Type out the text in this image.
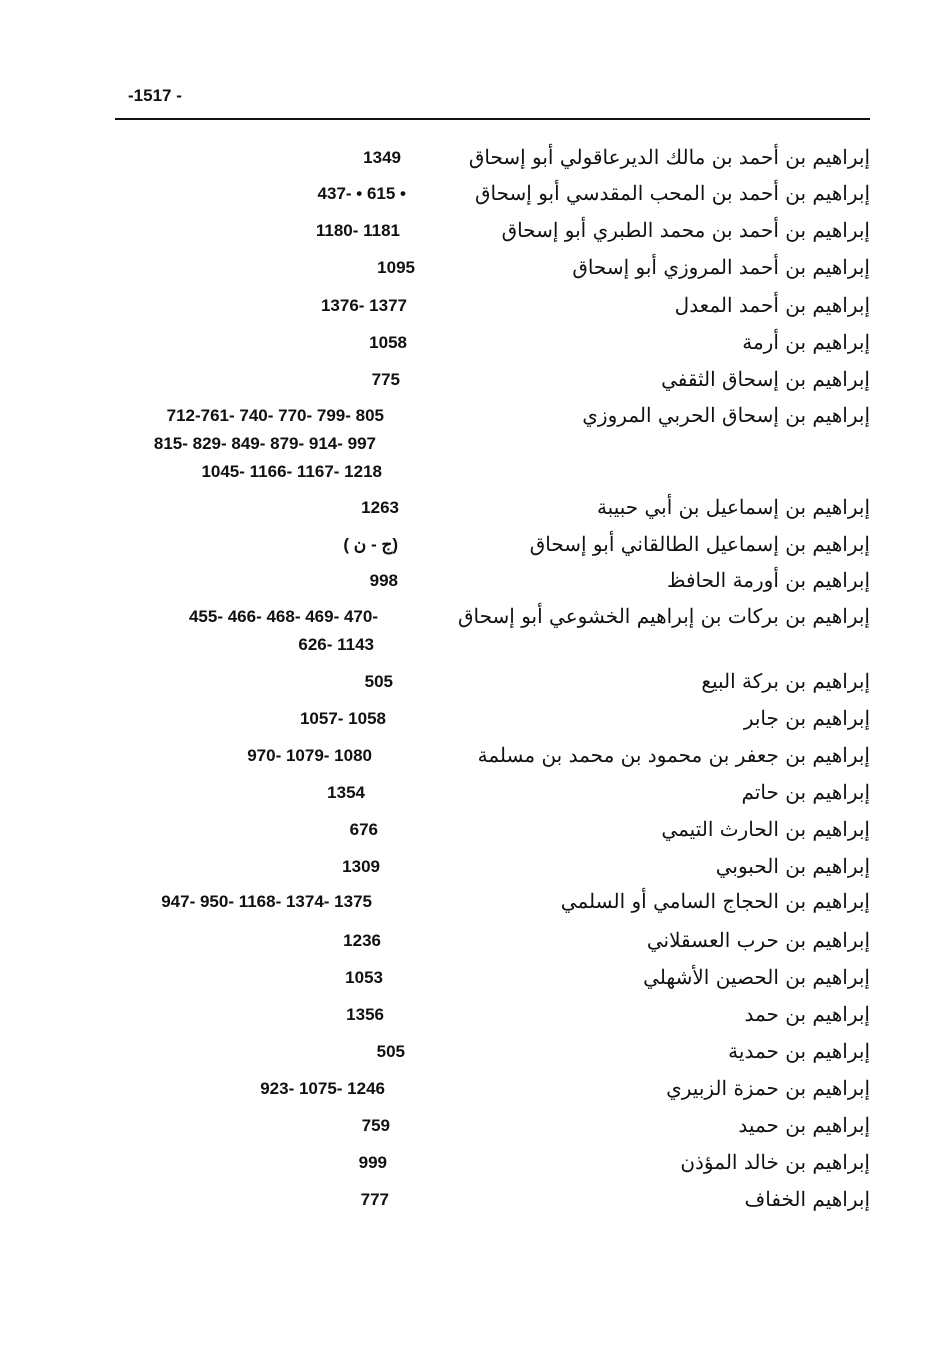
-1517 -
إبراهيم بن أحمد بن مالك الديرعاقولي أبو إسحاق
1349
إبراهيم بن أحمد بن المحب المقدسي أبو إسحاق
437- • 615 •
إبراهيم بن أحمد بن محمد الطبري أبو إسحاق
1180- 1181
إبراهيم بن أحمد المروزي أبو إسحاق
1095
إبراهيم بن أحمد المعدل
1376- 1377
إبراهيم بن أرمة
1058
إبراهيم بن إسحاق الثقفي
775
إبراهيم بن إسحاق الحربي المروزي
712-761- 740- 770- 799- 805
815- 829- 849- 879- 914- 997
1045- 1166- 1167- 1218
إبراهيم بن إسماعيل بن أبي حبيبة
1263
إبراهيم بن إسماعيل الطالقاني أبو إسحاق
( ج - ن)
إبراهيم بن أورمة الحافظ
998
إبراهيم بن بركات بن إبراهيم الخشوعي أبو إسحاق
455- 466- 468- 469- 470-
626- 1143
إبراهيم بن بركة البيع
505
إبراهيم بن جابر
1057- 1058
إبراهيم بن جعفر بن محمود بن محمد بن مسلمة
970- 1079- 1080
إبراهيم بن حاتم
1354
إبراهيم بن الحارث التيمي
676
إبراهيم بن الحبوبي
1309
إبراهيم بن الحجاج السامي أو السلمي
947- 950- 1168- 1374- 1375
إبراهيم بن حرب العسقلاني
1236
إبراهيم بن الحصين الأشهلي
1053
إبراهيم بن حمد
1356
إبراهيم بن حمدية
505
إبراهيم بن حمزة الزبيري
923- 1075- 1246
إبراهيم بن حميد
759
إبراهيم بن خالد المؤذن
999
إبراهيم الخفاف
777
